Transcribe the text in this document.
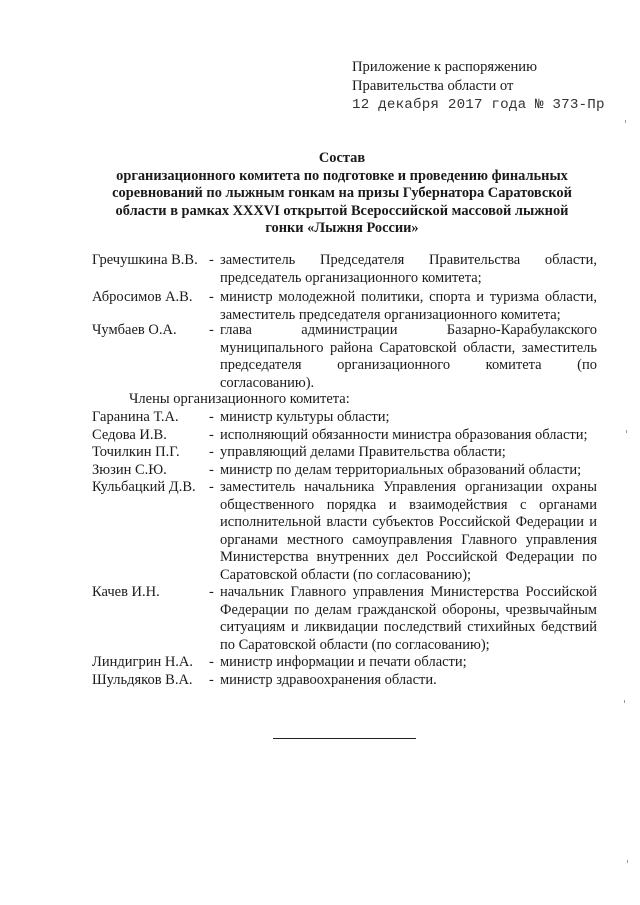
Приложение к распоряжению
Правительства области от
12 декабря 2017 года № 373-Пр
Состав
организационного комитета по подготовке и проведению финальных соревнований по лыжным гонкам на призы Губернатора Саратовской области в рамках XXXVI открытой Всероссийской массовой лыжной гонки «Лыжня России»
Гречушкина В.В. - заместитель Председателя Правительства области, председатель организационного комитета;
Абросимов А.В. - министр молодежной политики, спорта и туризма области, заместитель председателя организационного комитета;
Чумбаев О.А. - глава администрации Базарно-Карабулакского муниципального района Саратовской области, заместитель председателя организационного комитета (по согласованию).
Члены организационного комитета:
Гаранина Т.А. - министр культуры области;
Седова И.В.	- исполняющий обязанности министра образования области;
Точилкин П.Г. - управляющий делами Правительства области;
Зюзин С.Ю.	- министр по делам территориальных образований области;
Кульбацкий Д.В. - заместитель начальника Управления организации охраны общественного порядка и взаимодействия с органами исполнительной власти субъектов Российской Федерации и органами местного самоуправления Главного управления Министерства внутренних дел Российской Федерации по Саратовской области (по согласованию);
Качев И.Н.	- начальник Главного управления Министерства Российской Федерации по делам гражданской обороны, чрезвычайным ситуациям и ликвидации последствий стихийных бедствий по Саратовской области (по согласованию);
Линдигрин Н.А. - министр информации и печати области;
Шульдяков В.А. - министр здравоохранения области.
